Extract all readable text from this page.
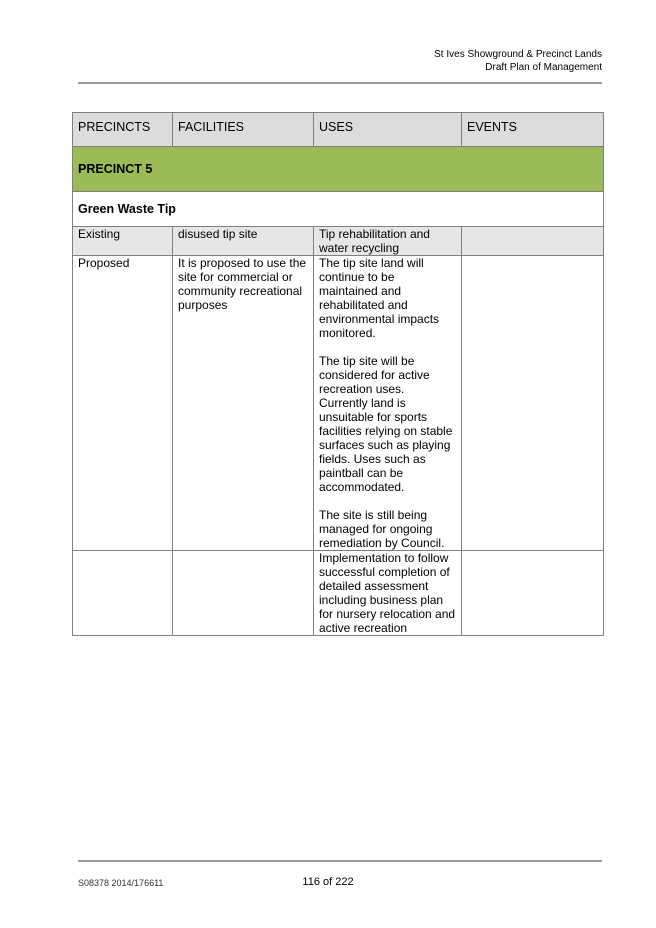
St Ives Showground & Precinct Lands
Draft Plan of Management
PRECINCTS	FACILITIES	USES	EVENTS
PRECINCT 5			
Green Waste Tip			
Existing	disused tip site	Tip rehabilitation and water recycling	

Proposed	It is proposed to use the site for commercial or community recreational purposes	The tip site land will continue to be maintained and rehabilitated and environmental impacts monitored.
The tip site will be considered for active recreation uses. Currently land is unsuitable for sports facilities relying on stable surfaces such as playing fields. Uses such as paintball can be accommodated.
The site is still being managed for ongoing remediation by Council.	

		Implementation to follow successful completion of detailed assessment including business plan for nursery relocation and active recreation	

S08378 2014/176611	116 of 222
